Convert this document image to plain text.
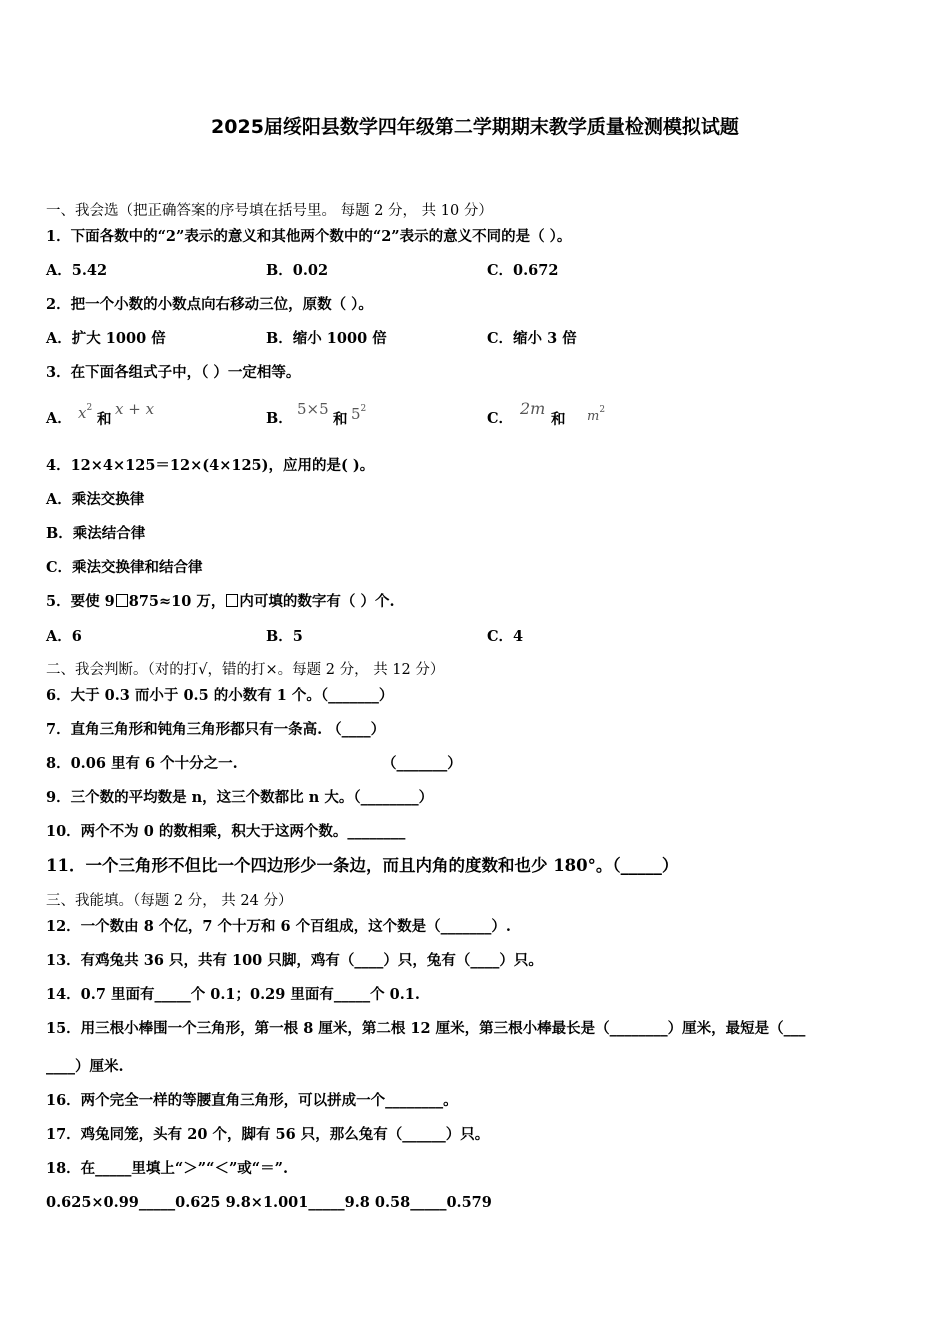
2025届绥阳县数学四年级第二学期期末教学质量检测模拟试题
一、我会选（把正确答案的序号填在括号里。 每题 2 分， 共 10 分）
1．下面各数中的“2”表示的意义和其他两个数中的“2”表示的意义不同的是（ ）。
A．5.42	B．0.02	C．0.672
2．把一个小数的小数点向右移动三位，原数（ ）。
A．扩大 1000 倍	B．缩小 1000 倍	C．缩小 3 倍
3．在下面各组式子中，（ ）一定相等。
A． $x^2$
和
x + x
B．
5×5
和 $5^2$
C．
2m
和 $m^2$
4．12×4×125＝12×(4×125)，应用的是( )。
A．乘法交换律
B．乘法结合律
C．乘法交换律和结合律
5．要使 9 875≈10 万， 内可填的数字有（ ）个.
A．6	B．5	C．4
二、我会判断。（对的打√，错的打×。每题 2 分， 共 12 分）
6．大于 0.3 而小于 0.5 的小数有 1 个。（_______）
7．直角三角形和钝角三角形都只有一条高. （____）
8．0.06 里有 6 个十分之一.	（_______）
9．三个数的平均数是 n，这三个数都比 n 大。（________）
10．两个不为 0 的数相乘，积大于这两个数。________
11．一个三角形不但比一个四边形少一条边，而且内角的度数和也少 180°。（_____）
三、我能填。（每题 2 分， 共 24 分）
12．一个数由 8 个亿，7 个十万和 6 个百组成，这个数是（_______）.
13．有鸡兔共 36 只，共有 100 只脚，鸡有（____）只，兔有（____）只。
14．0.7 里面有_____个 0.1；0.29 里面有_____个 0.1.
15．用三根小棒围一个三角形，第一根 8 厘米，第二根 12 厘米，第三根小棒最长是（________）厘米，最短是（___
____）厘米.
16．两个完全一样的等腰直角三角形，可以拼成一个________。
17．鸡兔同笼，头有 20 个，脚有 56 只，那么兔有（______）只。
18．在_____里填上“＞”“＜”或“＝”.
0.625×0.99_____0.625 9.8×1.001_____9.8 0.58_____0.579
